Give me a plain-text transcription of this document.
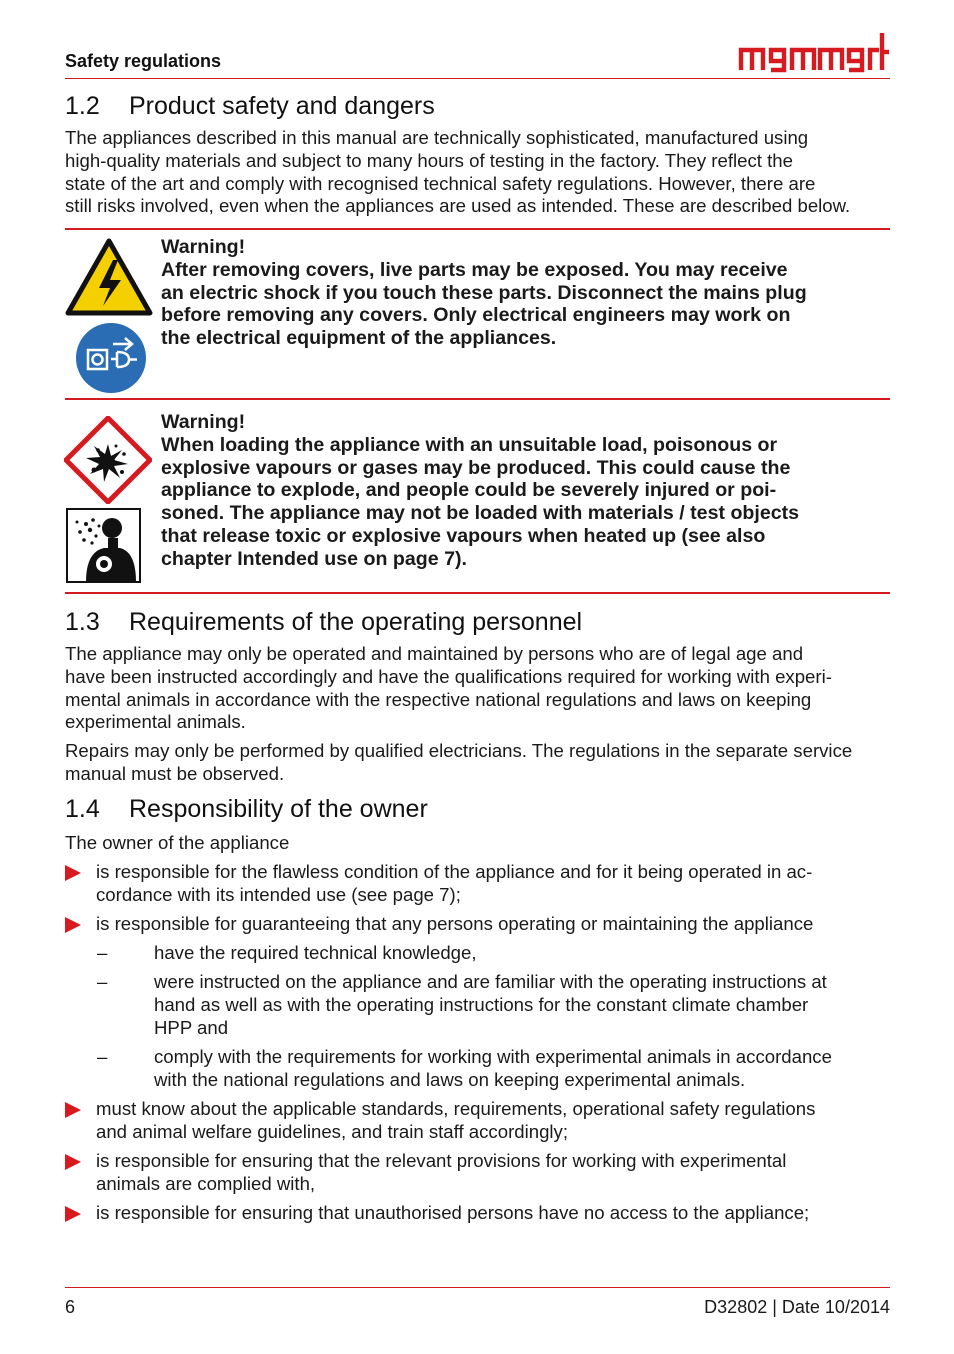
Safety regulations
1.2 Product safety and dangers
The appliances described in this manual are technically sophisticated, manufactured using
high-quality materials and subject to many hours of testing in the factory. They reflect the
state of the art and comply with recognised technical safety regulations. However, there are
still risks involved, even when the appliances are used as intended. These are described below.
Warning!
After removing covers, live parts may be exposed. You may receive
an electric shock if you touch these parts. Disconnect the mains plug
before removing any covers. Only electrical engineers may work on
the electrical equipment of the appliances.
Warning!
When loading the appliance with an unsuitable load, poisonous or
explosive vapours or gases may be produced. This could cause the
appliance to explode, and people could be severely injured or poi-
soned. The appliance may not be loaded with materials / test objects
that release toxic or explosive vapours when heated up (see also
chapter Intended use on page 7).
1.3 Requirements of the operating personnel
The appliance may only be operated and maintained by persons who are of legal age and
have been instructed accordingly and have the qualifications required for working with experi-
mental animals in accordance with the respective national regulations and laws on keeping
experimental animals.
Repairs may only be performed by qualified electricians. The regulations in the separate service
manual must be observed.
1.4 Responsibility of the owner
The owner of the appliance
is responsible for the flawless condition of the appliance and for it being operated in ac-
cordance with its intended use (see page 7);
is responsible for guaranteeing that any persons operating or maintaining the appliance
–	have the required technical knowledge,
–	were instructed on the appliance and are familiar with the operating instructions at
hand as well as with the operating instructions for the constant climate chamber
HPP and
–	comply with the requirements for working with experimental animals in accordance
with the national regulations and laws on keeping experimental animals.
must know about the applicable standards, requirements, operational safety regulations
and animal welfare guidelines, and train staff accordingly;
is responsible for ensuring that the relevant provisions for working with experimental
animals are complied with,
is responsible for ensuring that unauthorised persons have no access to the appliance;
6	D32802 | Date 10/2014
